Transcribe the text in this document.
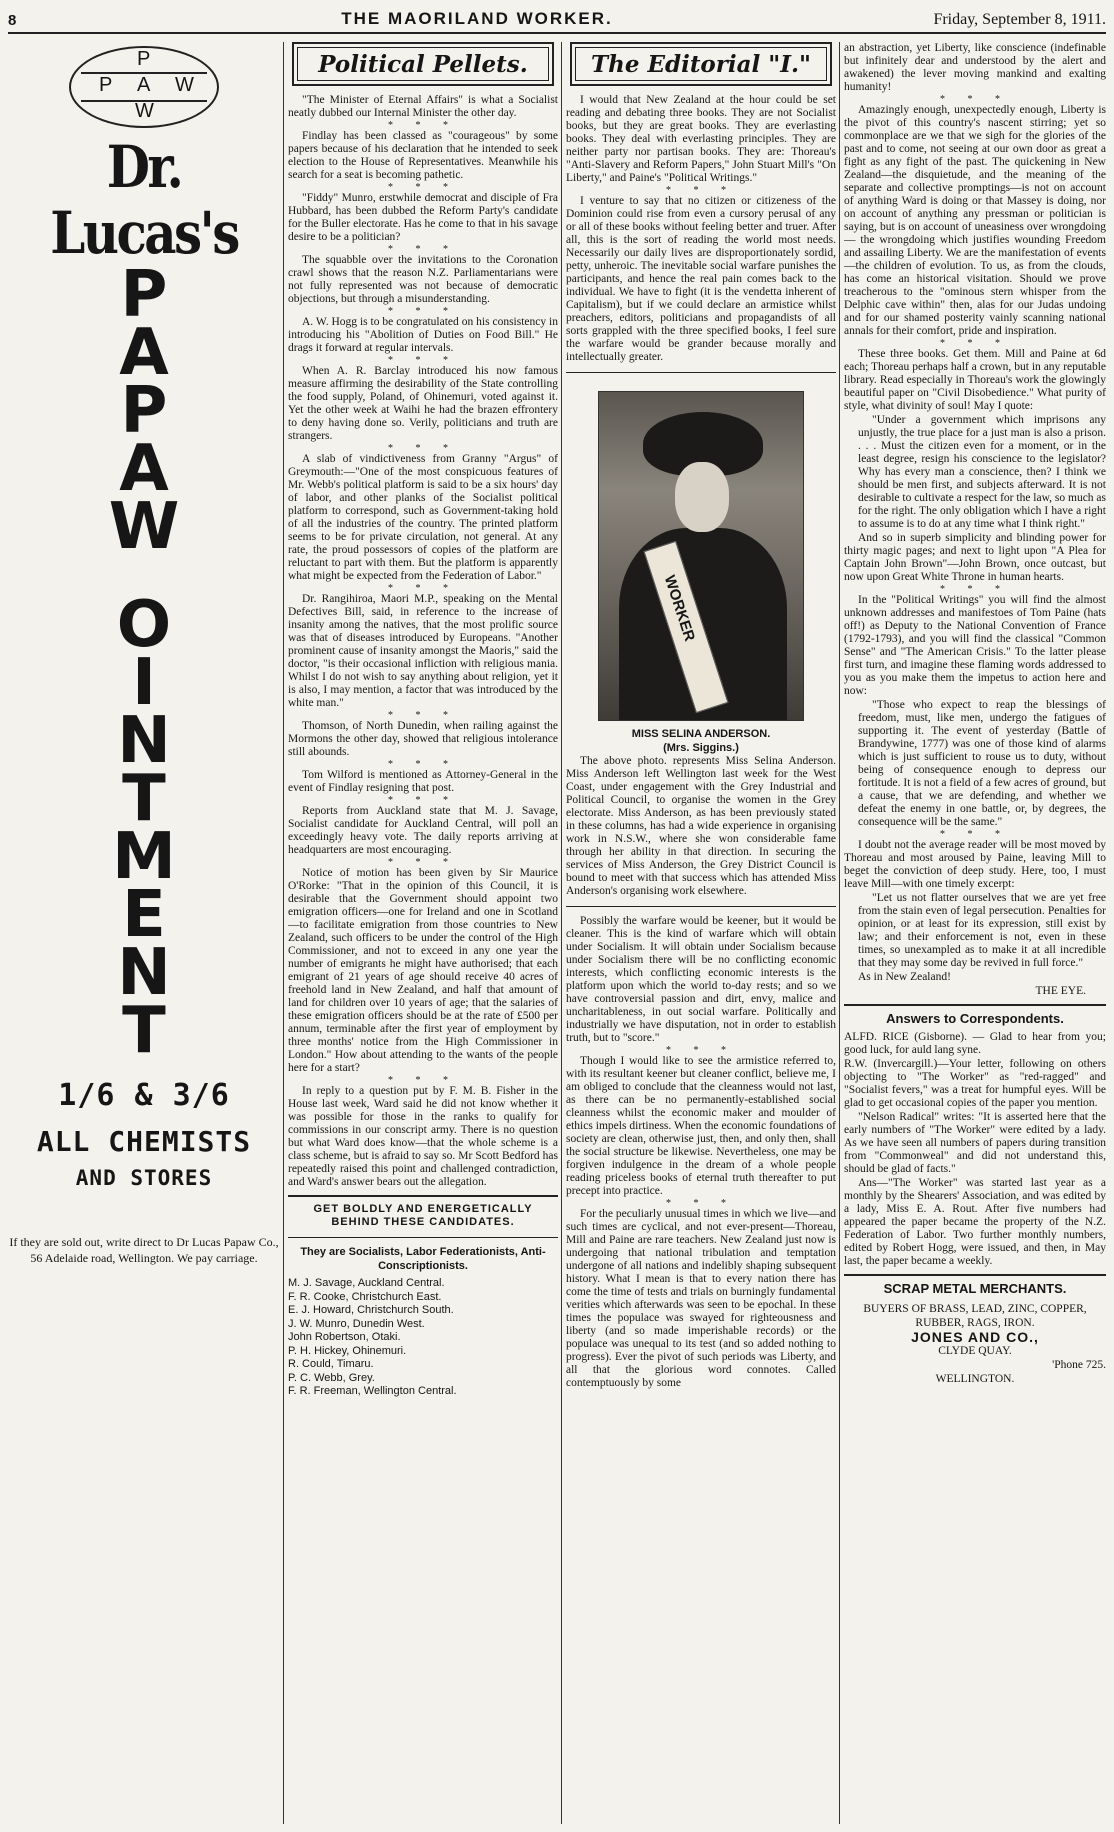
8	THE MAORILAND WORKER.	Friday, September 8, 1911.
P
P A W
W
Dr. Lucas's
P
A
P
A
W
O
I
N
T
M
E
N
T
1/6 & 3/6
ALL CHEMISTS
AND STORES
If they are sold out, write direct to Dr Lucas Papaw Co., 56 Adelaide road, Wellington. We pay carriage.
Political Pellets.

"The Minister of Eternal Affairs" is what a Socialist neatly dubbed our Internal Minister the other day.

* * *

Findlay has been classed as "courageous" by some papers because of his declaration that he intended to seek election to the House of Representatives. Meanwhile his search for a seat is becoming pathetic.

* * *

"Fiddy" Munro, erstwhile democrat and disciple of Fra Hubbard, has been dubbed the Reform Party's candidate for the Buller electorate. Has he come to that in his savage desire to be a politician?

* * *

The squabble over the invitations to the Coronation crawl shows that the reason N.Z. Parliamentarians were not fully represented was not because of democratic objections, but through a misunderstanding.

* * *

A. W. Hogg is to be congratulated on his consistency in introducing his "Abolition of Duties on Food Bill." He drags it forward at regular intervals.

* * *

When A. R. Barclay introduced his now famous measure affirming the desirability of the State controlling the food supply, Poland, of Ohinemuri, voted against it. Yet the other week at Waihi he had the brazen effrontery to deny having done so. Verily, politicians and truth are strangers.

* * *

A slab of vindictiveness from Granny "Argus" of Greymouth:—"One of the most conspicuous features of Mr. Webb's political platform is said to be a six hours' day of labor, and other planks of the Socialist political platform to correspond, such as Government-taking hold of all the industries of the country. The printed platform seems to be for private circulation, not general. At any rate, the proud possessors of copies of the platform are reluctant to part with them. But the platform is apparently what might be expected from the Federation of Labor."

* * *

Dr. Rangihiroa, Maori M.P., speaking on the Mental Defectives Bill, said, in reference to the increase of insanity among the natives, that the most prolific source was that of diseases introduced by Europeans. "Another prominent cause of insanity amongst the Maoris," said the doctor, "is their occasional infliction with religious mania. Whilst I do not wish to say anything about religion, yet it is also, I may mention, a factor that was introduced by the white man."

* * *

Thomson, of North Dunedin, when railing against the Mormons the other day, showed that religious intolerance still abounds.

* * *

Tom Wilford is mentioned as Attorney-General in the event of Findlay resigning that post.

* * *

Reports from Auckland state that M. J. Savage, Socialist candidate for Auckland Central, will poll an exceedingly heavy vote. The daily reports arriving at headquarters are most encouraging.

* * *

Notice of motion has been given by Sir Maurice O'Rorke: "That in the opinion of this Council, it is desirable that the Government should appoint two emigration officers—one for Ireland and one in Scotland—to facilitate emigration from those countries to New Zealand, such officers to be under the control of the High Commissioner, and not to exceed in any one year the number of emigrants he might have authorised; that each emigrant of 21 years of age should receive 40 acres of freehold land in New Zealand, and half that amount of land for children over 10 years of age; that the salaries of these emigration officers should be at the rate of £500 per annum, terminable after the first year of employment by three months' notice from the High Commissioner in London." How about attending to the wants of the people here for a start?

* * *

In reply to a question put by F. M. B. Fisher in the House last week, Ward said he did not know whether it was possible for those in the ranks to qualify for commissions in our conscript army. There is no question but what Ward does know—that the whole scheme is a class scheme, but is afraid to say so. Mr Scott Bedford has repeatedly raised this point and challenged contradiction, and Ward's answer bears out the allegation.

GET BOLDLY AND ENERGETICALLY BEHIND THESE CANDIDATES.
They are Socialists, Labor Federationists, Anti-Conscriptionists.
M. J. Savage, Auckland Central.
F. R. Cooke, Christchurch East.
E. J. Howard, Christchurch South.
J. W. Munro, Dunedin West.
John Robertson, Otaki.
P. H. Hickey, Ohinemuri.
R. Could, Timaru.
P. C. Webb, Grey.
F. R. Freeman, Wellington Central.
The Editorial "I."

I would that New Zealand at the hour could be set reading and debating three books. They are not Socialist books, but they are great books. They are everlasting books. They deal with everlasting principles. They are neither party nor partisan books. They are: Thoreau's "Anti-Slavery and Reform Papers," John Stuart Mill's "On Liberty," and Paine's "Political Writings."

* * *

I venture to say that no citizen or citizeness of the Dominion could rise from even a cursory perusal of any or all of these books without feeling better and truer. After all, this is the sort of reading the world most needs. Necessarily our daily lives are disproportionately sordid, petty, unheroic. The inevitable social warfare punishes the participants, and hence the real pain comes back to the individual. We have to fight (it is the vendetta inherent of Capitalism), but if we could declare an armistice whilst preachers, editors, politicians and propagandists of all sorts grappled with the three specified books, I feel sure the warfare would be grander because morally and intellectually greater.

WORKER
MISS SELINA ANDERSON.
(Mrs. Siggins.)

The above photo. represents Miss Selina Anderson. Miss Anderson left Wellington last week for the West Coast, under engagement with the Grey Industrial and Political Council, to organise the women in the Grey electorate. Miss Anderson, as has been previously stated in these columns, has had a wide experience in organising work in N.S.W., where she won considerable fame through her ability in that direction. In securing the services of Miss Anderson, the Grey District Council is bound to meet with that success which has attended Miss Anderson's organising work elsewhere.

Possibly the warfare would be keener, but it would be cleaner. This is the kind of warfare which will obtain under Socialism. It will obtain under Socialism because under Socialism there will be no conflicting economic interests, which conflicting economic interests is the platform upon which the world to-day rests; and so we have controversial passion and dirt, envy, malice and uncharitableness, in out social warfare. Politically and industrially we have disputation, not in order to establish truth, but to "score."

* * *

Though I would like to see the armistice referred to, with its resultant keener but cleaner conflict, believe me, I am obliged to conclude that the cleanness would not last, as there can be no permanently-established social cleanness whilst the economic maker and moulder of ethics impels dirtiness. When the economic foundations of society are clean, otherwise just, then, and only then, shall the social structure be likewise. Nevertheless, one may be forgiven indulgence in the dream of a whole people reading priceless books of eternal truth thereafter to put precept into practice.

* * *

For the peculiarly unusual times in which we live—and such times are cyclical, and not ever-present—Thoreau, Mill and Paine are rare teachers. New Zealand just now is undergoing that national tribulation and temptation undergone of all nations and indelibly shaping subsequent history. What I mean is that to every nation there has come the time of tests and trials on burningly fundamental verities which afterwards was seen to be epochal. In these times the populace was swayed for righteousness and liberty (and so made imperishable records) or the populace was unequal to its test (and so added nothing to progress). Ever the pivot of such periods was Liberty, and all that the glorious word connotes. Called contemptuously by some

an abstraction, yet Liberty, like conscience (indefinable but infinitely dear and understood by the alert and awakened) the lever moving mankind and exalting humanity!

* * *

Amazingly enough, unexpectedly enough, Liberty is the pivot of this country's nascent stirring; yet so commonplace are we that we sigh for the glories of the past and to come, not seeing at our own door as great a fight as any fight of the past. The quickening in New Zealand—the disquietude, and the meaning of the separate and collective promptings—is not on account of anything Ward is doing or that Massey is doing, nor on account of anything any pressman or politician is saying, but is on account of uneasiness over wrongdoing — the wrongdoing which justifies wounding Freedom and assailing Liberty. We are the manifestation of events—the children of evolution. To us, as from the clouds, has come an historical visitation. Should we prove treacherous to the "ominous stern whisper from the Delphic cave within" then, alas for our Judas undoing and for our shamed posterity vainly scanning national annals for their comfort, pride and inspiration.

* * *

These three books. Get them. Mill and Paine at 6d each; Thoreau perhaps half a crown, but in any reputable library. Read especially in Thoreau's work the glowingly beautiful paper on "Civil Disobedience." What purity of style, what divinity of soul! May I quote:

"Under a government which imprisons any unjustly, the true place for a just man is also a prison. . . . Must the citizen even for a moment, or in the least degree, resign his conscience to the legislator? Why has every man a conscience, then? I think we should be men first, and subjects afterward. It is not desirable to cultivate a respect for the law, so much as for the right. The only obligation which I have a right to assume is to do at any time what I think right."

And so in superb simplicity and blinding power for thirty magic pages; and next to light upon "A Plea for Captain John Brown"—John Brown, once outcast, but now upon Great White Throne in human hearts.

* * *

In the "Political Writings" you will find the almost unknown addresses and manifestoes of Tom Paine (hats off!) as Deputy to the National Convention of France (1792-1793), and you will find the classical "Common Sense" and "The American Crisis." To the latter please first turn, and imagine these flaming words addressed to you as you make them the impetus to action here and now:

"Those who expect to reap the blessings of freedom, must, like men, undergo the fatigues of supporting it. The event of yesterday (Battle of Brandywine, 1777) was one of those kind of alarms which is just sufficient to rouse us to duty, without being of consequence enough to depress our fortitude. It is not a field of a few acres of ground, but a cause, that we are defending, and whether we defeat the enemy in one battle, or, by degrees, the consequence will be the same."

* * *

I doubt not the average reader will be most moved by Thoreau and most aroused by Paine, leaving Mill to beget the conviction of deep study. Here, too, I must leave Mill—with one timely excerpt:

"Let us not flatter ourselves that we are yet free from the stain even of legal persecution. Penalties for opinion, or at least for its expression, still exist by law; and their enforcement is not, even in these times, so unexampled as to make it at all incredible that they may some day be revived in full force."

As in New Zealand!

THE EYE.
Answers to Correspondents.

ALFD. RICE (Gisborne). — Glad to hear from you; good luck, for auld lang syne.

R.W. (Invercargill.)—Your letter, following on others objecting to "The Worker" as "red-ragged" and "Socialist fevers," was a treat for humpful eyes. Will be glad to get occasional copies of the paper you mention.

"Nelson Radical" writes: "It is asserted here that the early numbers of "The Worker" were edited by a lady. As we have seen all numbers of papers during transition from "Commonweal" and did not understand this, should be glad of facts."

Ans—"The Worker" was started last year as a monthly by the Shearers' Association, and was edited by a lady, Miss E. A. Rout. After five numbers had appeared the paper became the property of the N.Z. Federation of Labor. Two further monthly numbers, edited by Robert Hogg, were issued, and then, in May last, the paper became a weekly.

SCRAP METAL MERCHANTS.
BUYERS OF BRASS, LEAD, ZINC, COPPER, RUBBER, RAGS, IRON.
JONES AND CO.,
CLYDE QUAY.
'Phone 725.
WELLINGTON.
